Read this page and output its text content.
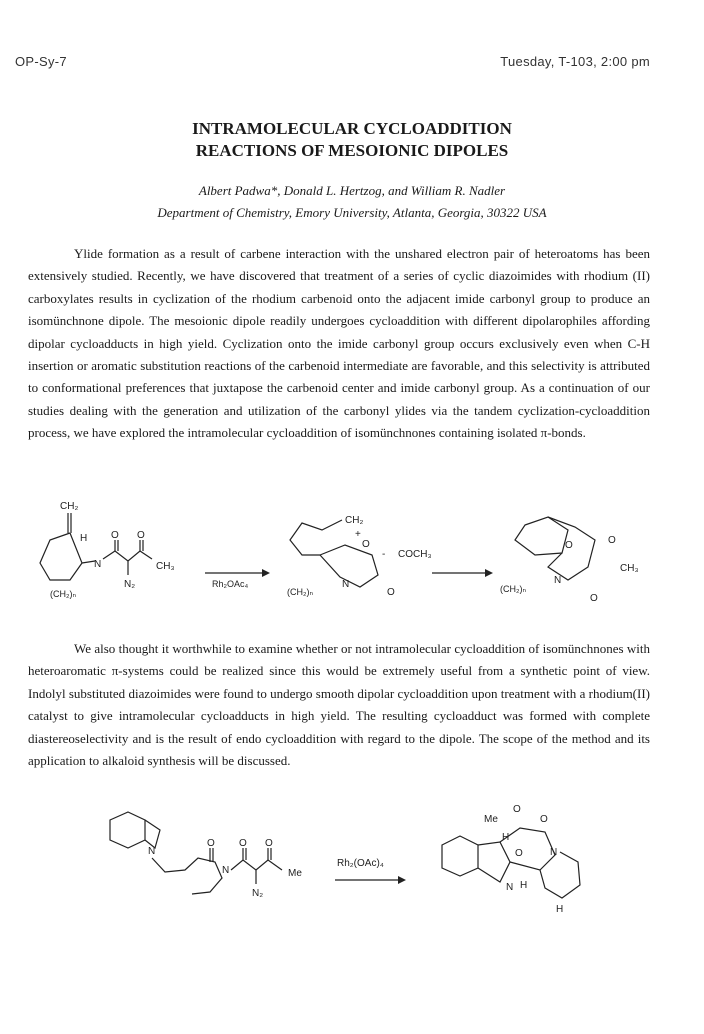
OP-Sy-7	Tuesday, T-103, 2:00 pm
INTRAMOLECULAR CYCLOADDITION
REACTIONS OF MESOIONIC DIPOLES
Albert Padwa*, Donald L. Hertzog, and William R. Nadler
Department of Chemistry, Emory University, Atlanta, Georgia, 30322 USA

Ylide formation as a result of carbene interaction with the unshared electron pair of heteroatoms has been extensively studied. Recently, we have discovered that treatment of a series of cyclic diazoimides with rhodium (II) carboxylates results in cyclization of the rhodium carbenoid onto the adjacent imide carbonyl group to produce an isomünchnone dipole. The mesoionic dipole readily undergoes cycloaddition with different dipolarophiles affording dipolar cycloadducts in high yield. Cyclization onto the imide carbonyl group occurs exclusively even when C-H insertion or aromatic substitution reactions of the carbenoid intermediate are favorable, and this selectivity is attributed to conformational preferences that juxtapose the carbenoid center and imide carbonyl group. As a continuation of our studies dealing with the generation and utilization of the carbonyl ylides via the tandem cyclization-cycloaddition process, we have explored the intramolecular cycloaddition of isomünchnones containing isolated π-bonds.

CH₂
H
N
(CH₂)ₙ
O O
N₂
CH₃
Rh₂OAc₄
CH₂
+
O
- COCH₃
N
O
(CH₂)ₙ
O
N
O
O
CH₃
(CH₂)ₙ

We also thought it worthwhile to examine whether or not intramolecular cycloaddition of isomünchnones with heteroaromatic π-systems could be realized since this would be extremely useful from a synthetic point of view. Indolyl substituted diazoimides were found to undergo smooth dipolar cycloaddition upon treatment with a rhodium(II) catalyst to give intramolecular cycloadducts in high yield. The resulting cycloadduct was formed with complete diastereoselectivity and is the result of endo cycloaddition with regard to the dipole. The scope of the method and its application to alkaloid synthesis will be discussed.

N
O
N
O O
N₂
Me
Rh₂(OAc)₄
O
H
Me
O
O
N
N H
H
